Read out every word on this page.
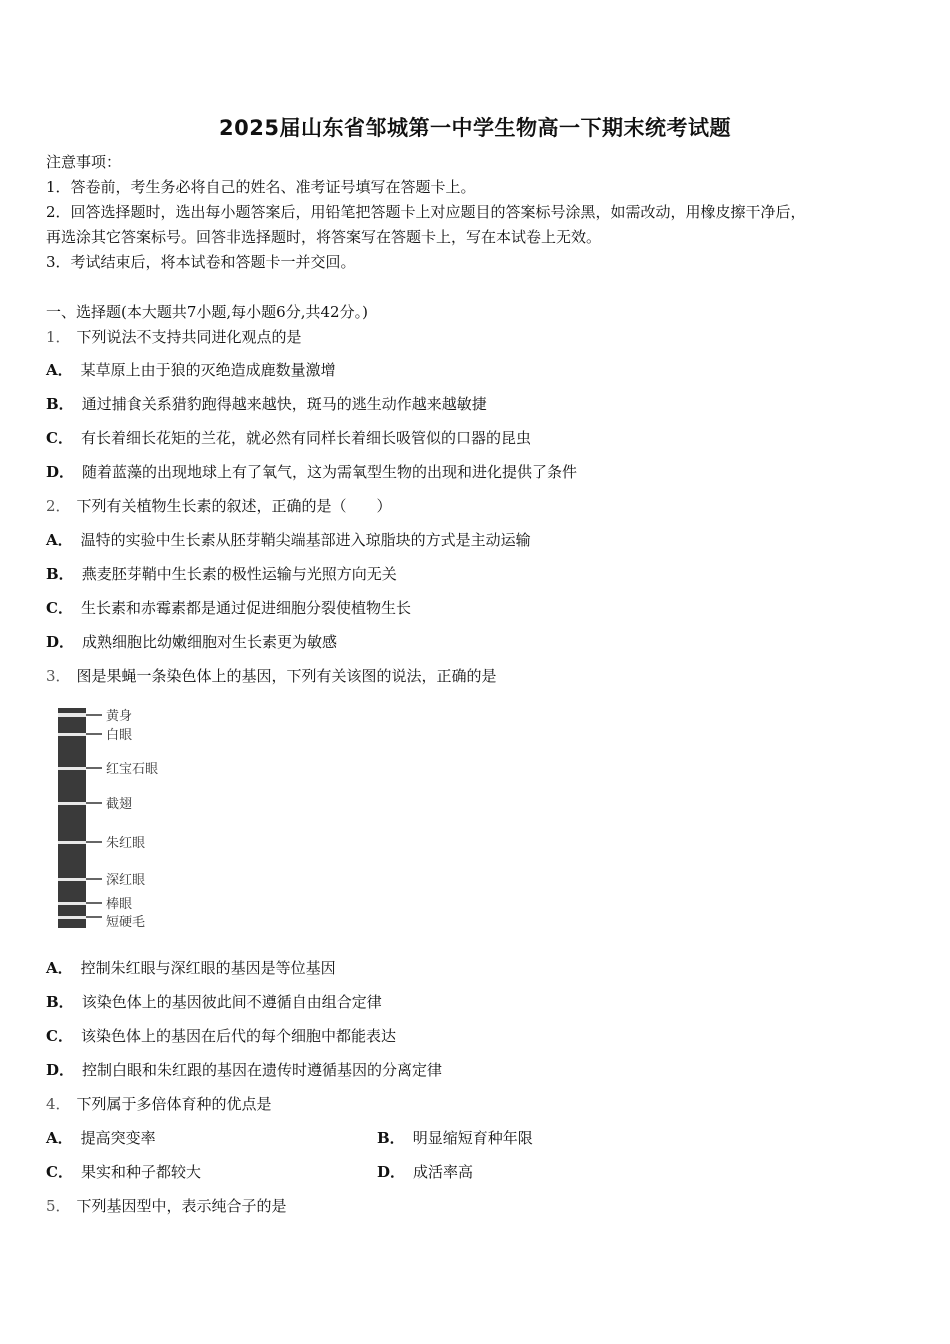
2025届山东省邹城第一中学生物高一下期末统考试题
注意事项：
1．答卷前，考生务必将自己的姓名、准考证号填写在答题卡上。
2．回答选择题时，选出每小题答案后，用铅笔把答题卡上对应题目的答案标号涂黑，如需改动，用橡皮擦干净后，
再选涂其它答案标号。回答非选择题时，将答案写在答题卡上，写在本试卷上无效。
3．考试结束后，将本试卷和答题卡一并交回。
一、选择题(本大题共7小题,每小题6分,共42分。)
1． 下列说法不支持共同进化观点的是
A． 某草原上由于狼的灭绝造成鹿数量激增
B． 通过捕食关系猎豹跑得越来越快，斑马的逃生动作越来越敏捷
C． 有长着细长花矩的兰花，就必然有同样长着细长吸管似的口器的昆虫
D． 随着蓝藻的出现地球上有了氧气，这为需氧型生物的出现和进化提供了条件
2． 下列有关植物生长素的叙述，正确的是（　　）
A． 温特的实验中生长素从胚芽鞘尖端基部进入琼脂块的方式是主动运输
B． 燕麦胚芽鞘中生长素的极性运输与光照方向无关
C． 生长素和赤霉素都是通过促进细胞分裂使植物生长
D． 成熟细胞比幼嫩细胞对生长素更为敏感
3． 图是果蝇一条染色体上的基因，下列有关该图的说法，正确的是
黄身
白眼
红宝石眼
截翅
朱红眼
深红眼
棒眼
短硬毛
A． 控制朱红眼与深红眼的基因是等位基因
B． 该染色体上的基因彼此间不遵循自由组合定律
C． 该染色体上的基因在后代的每个细胞中都能表达
D． 控制白眼和朱红跟的基因在遗传时遵循基因的分离定律
4． 下列属于多倍体育种的优点是
A． 提高突变率	B． 明显缩短育种年限
C． 果实和种子都较大	D． 成活率高
5． 下列基因型中，表示纯合子的是
